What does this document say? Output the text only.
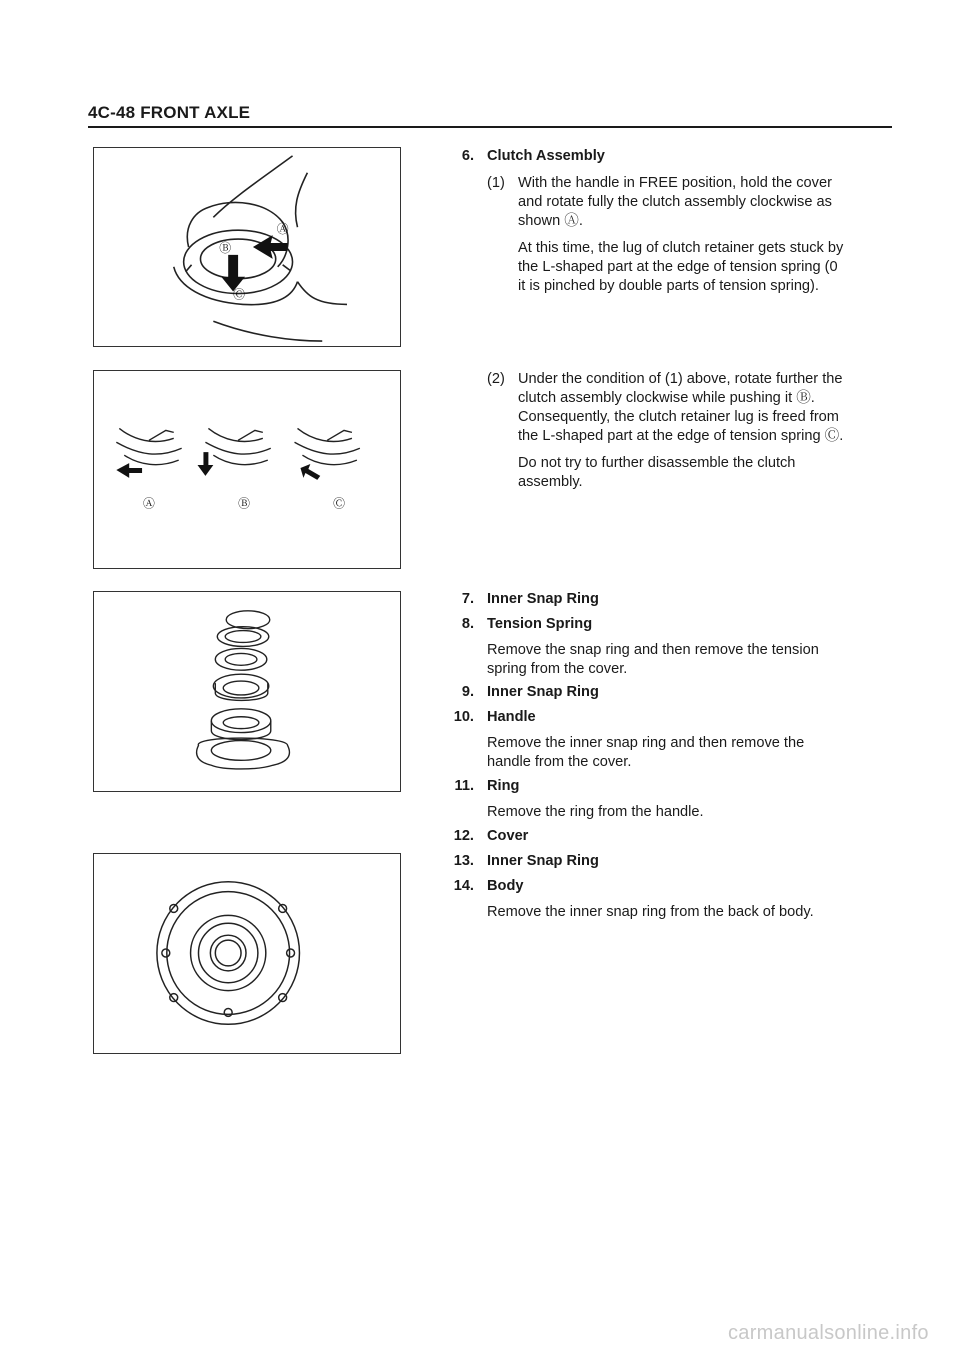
4C-48 FRONT AXLE
Ⓐ
Ⓑ
Ⓒ
Ⓐ	Ⓑ	Ⓒ
6. Clutch Assembly
(1) With the handle in FREE position, hold the cover
and rotate fully the clutch assembly clockwise as
shown Ⓐ.
At this time, the lug of clutch retainer gets stuck by
the L-shaped part at the edge of tension spring (0
it is pinched by double parts of tension spring).
(2) Under the condition of (1) above, rotate further the
clutch assembly clockwise while pushing it Ⓑ.
Consequently, the clutch retainer lug is freed from
the L-shaped part at the edge of tension spring Ⓒ.
Do not try to further disassemble the clutch
assembly.
7. Inner Snap Ring
8. Tension Spring
Remove the snap ring and then remove the tension
spring from the cover.
9. Inner Snap Ring
10. Handle
Remove the inner snap ring and then remove the
handle from the cover.
11. Ring
Remove the ring from the handle.
12. Cover
13. Inner Snap Ring
14. Body
Remove the inner snap ring from the back of body.
carmanualsonline.info
